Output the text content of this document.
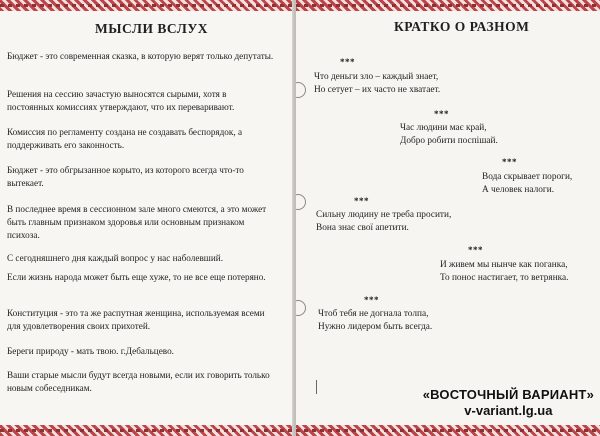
МЫСЛИ ВСЛУХ

Бюджет - это современная сказка, в которую верят только депутаты.

Решения на сессию зачастую выносятся сырыми, хотя в постоянных комиссиях утверждают, что их переваривают.

Комиссия по регламенту создана не создавать беспорядок, а поддерживать его законность.

Бюджет - это обгрызанное корыто, из которого всегда что-то вытекает.

В последнее время в сессионном зале много смеются, а это может быть главным признаком здоровья или основным признаком психоза.

С сегодняшнего дня каждый вопрос у нас наболевший.

Если жизнь народа может быть еще хуже, то не все еще потеряно.

Конституция - это та же распутная женщина, используемая всеми для удовлетворения своих прихотей.

Береги природу - мать твою. г.Дебальцево.

Ваши старые мысли будут всегда новыми, если их говорить только новым собеседникам.

КРАТКО О РАЗНОМ
***
Что деньги зло – каждый знает,
Но сетует – их часто не хватает.
***
Час людини має край,
Добро робити поспішай.
***
Вода скрывает пороги,
А человек налоги.
***
Сильну людину не треба просити,
Вона знає свої апетити.
***
И живем мы нынче как поганка,
То понос настигает, то ветрянка.
***
Чтоб тебя не догнала толпа,
Нужно лидером быть всегда.
«ВОСТОЧНЫЙ ВАРИАНТ»
v-variant.lg.ua
